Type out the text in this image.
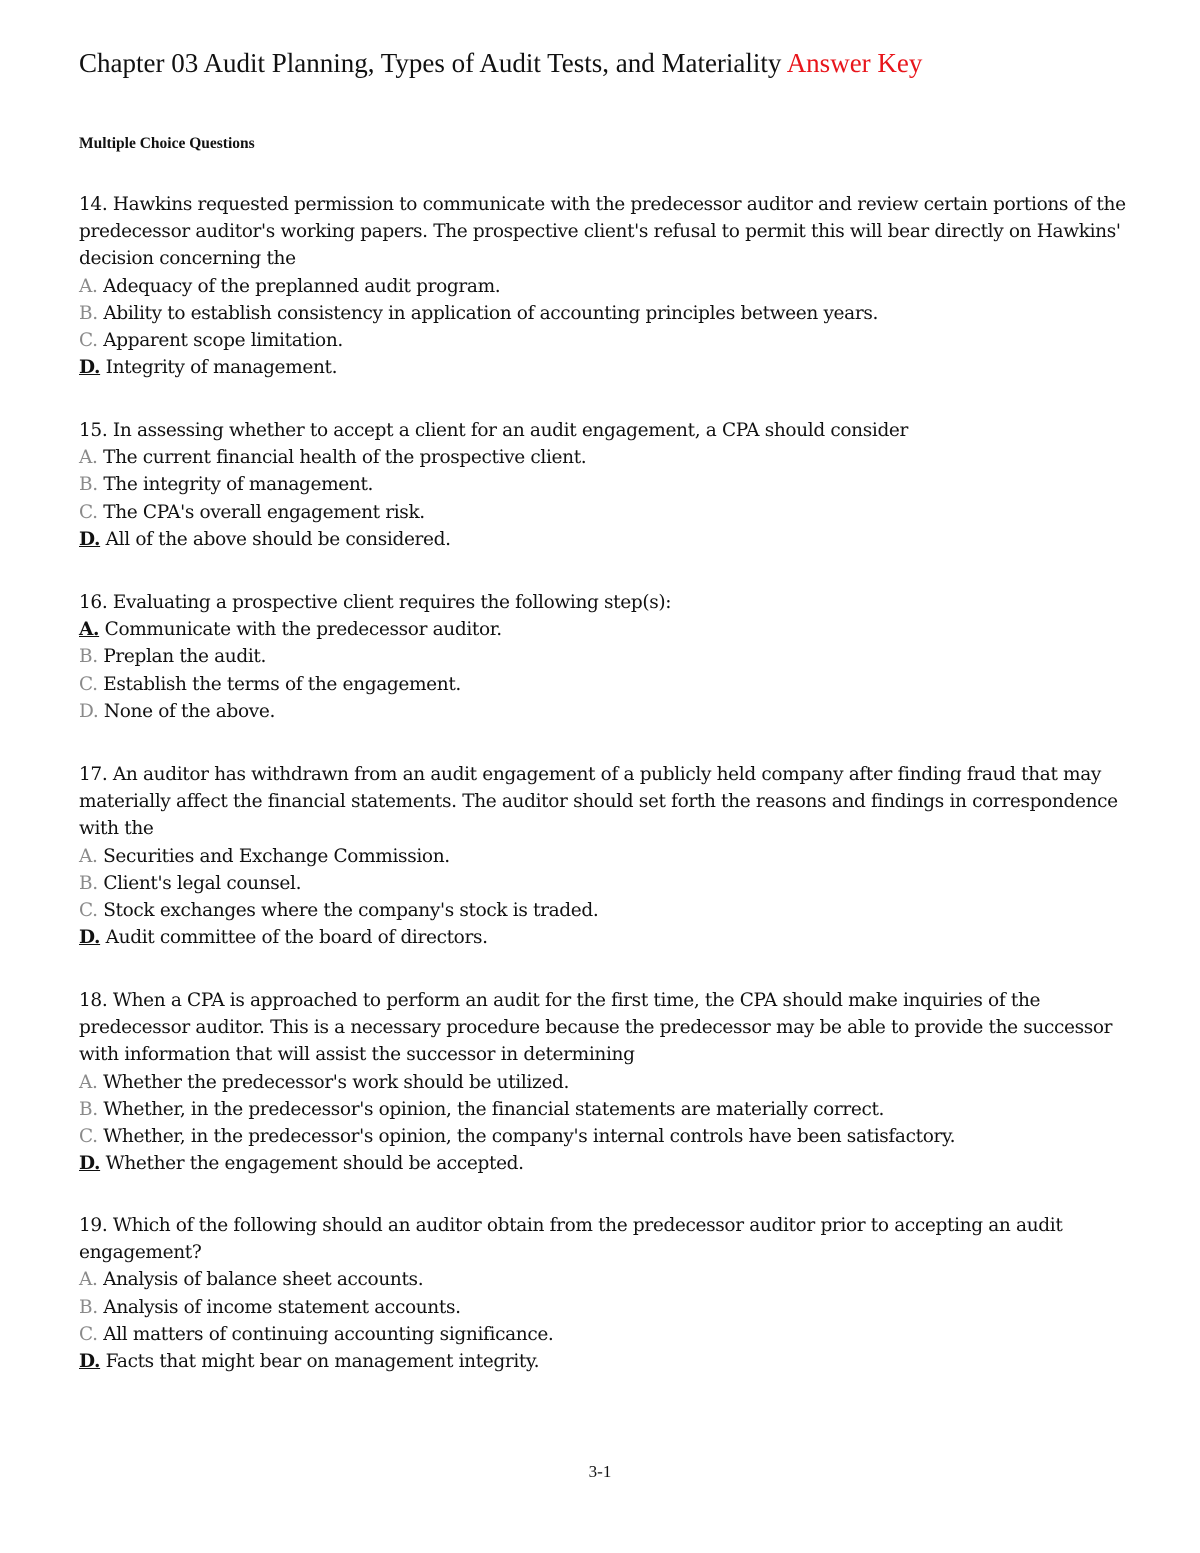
Chapter 03 Audit Planning, Types of Audit Tests, and Materiality Answer Key

Multiple Choice Questions

14. Hawkins requested permission to communicate with the predecessor auditor and review certain portions of the predecessor auditor's working papers. The prospective client's refusal to permit this will bear directly on Hawkins' decision concerning the

A. Adequacy of the preplanned audit program.

B. Ability to establish consistency in application of accounting principles between years.

C. Apparent scope limitation.

D. Integrity of management.

15. In assessing whether to accept a client for an audit engagement, a CPA should consider

A. The current financial health of the prospective client.

B. The integrity of management.

C. The CPA's overall engagement risk.

D. All of the above should be considered.

16. Evaluating a prospective client requires the following step(s):

A. Communicate with the predecessor auditor.

B. Preplan the audit.

C. Establish the terms of the engagement.

D. None of the above.

17. An auditor has withdrawn from an audit engagement of a publicly held company after finding fraud that may materially affect the financial statements. The auditor should set forth the reasons and findings in correspondence with the

A. Securities and Exchange Commission.

B. Client's legal counsel.

C. Stock exchanges where the company's stock is traded.

D. Audit committee of the board of directors.

18. When a CPA is approached to perform an audit for the first time, the CPA should make inquiries of the predecessor auditor. This is a necessary procedure because the predecessor may be able to provide the successor with information that will assist the successor in determining

A. Whether the predecessor's work should be utilized.

B. Whether, in the predecessor's opinion, the financial statements are materially correct.

C. Whether, in the predecessor's opinion, the company's internal controls have been satisfactory.

D. Whether the engagement should be accepted.

19. Which of the following should an auditor obtain from the predecessor auditor prior to accepting an audit engagement?

A. Analysis of balance sheet accounts.

B. Analysis of income statement accounts.

C. All matters of continuing accounting significance.

D. Facts that might bear on management integrity.

3-1
